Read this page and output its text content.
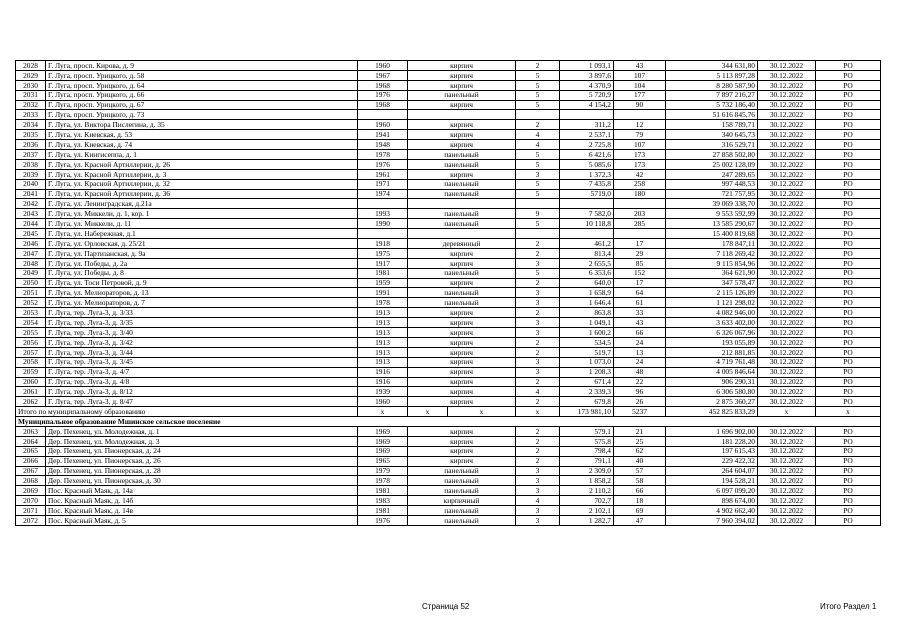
2028	Г. Луга, просп. Кирова, д. 9	1960	кирпич		2	1 093,1	43	344 631,80	30.12.2022	РО
2029	Г. Луга, просп. Урицкого, д. 58	1967	кирпич		5	3 897,6	107	5 113 897,28	30.12.2022	РО
2030	Г. Луга, просп. Урицкого, д. 64	1968	кирпич		5	4 370,9	104	8 280 587,90	30.12.2022	РО
2031	Г. Луга, просп. Урицкого, д. 66	1976	панельный		5	5 720,9	177	7 897 216,27	30.12.2022	РО
2032	Г. Луга, просп. Урицкого, д. 67	1968	кирпич		5	4 154,2	90	5 732 186,40	30.12.2022	РО
2033	Г. Луга, просп. Урицкого, д. 73							51 616 845,76	30.12.2022	РО
2034	Г. Луга, ул. Виктора Пислегина, д. 35	1960	кирпич		2	311,2	12	158 789,71	30.12.2022	РО
2035	Г. Луга, ул. Киевская, д. 53	1941	кирпич		4	2 537,1	79	340 645,73	30.12.2022	РО
2036	Г. Луга, ул. Киевская, д. 74	1948	кирпич		4	2 725,8	107	316 529,71	30.12.2022	РО
2037	Г. Луга, ул. Кингисеппа, д. 1	1978	панельный		5	6 421,6	173	27 858 502,80	30.12.2022	РО
2038	Г. Луга, ул. Красной Артиллерии, д. 26	1976	панельный		5	5 085,6	173	25 002 128,09	30.12.2022	РО
2039	Г. Луга, ул. Красной Артиллерии, д. 3	1961	кирпич		3	1 372,3	42	247 289,65	30.12.2022	РО
2040	Г. Луга, ул. Красной Артиллерии, д. 32	1971	панельный		5	7 435,8	258	997 448,53	30.12.2022	РО
2041	Г. Луга, ул. Красной Артиллерии, д. 36	1974	панельный		5	5719,0	180	721 757,95	30.12.2022	РО
2042	Г. Луга, ул. Ленинградская, д.21а							39 069 338,70	30.12.2022	РО
2043	Г. Луга, ул. Миккели, д. 1, кор. 1	1993	панельный		9	7 582,0	203	9 553 592,99	30.12.2022	РО
2044	Г. Луга, ул. Миккели, д. 11	1990	панельный		5	10 118,8	285	13 585 290,67	30.12.2022	РО
2045	Г. Луга, ул. Набережная, д.1							15 400 819,68	30.12.2022	РО
2046	Г. Луга, ул. Орловская, д. 25/21	1918	деревянный		2	461,2	17	178 847,11	30.12.2022	РО
2047	Г. Луга, ул. Партизанская, д. 9а	1975	кирпич		2	813,4	29	7 118 269,42	30.12.2022	РО
2048	Г. Луга, ул. Победы, д. 2а	1917	кирпич		3	2 655,5	85	9 115 854,96	30.12.2022	РО
2049	Г. Луга, ул. Победы, д. 8	1981	панельный		5	6 353,6	152	364 621,90	30.12.2022	РО
2050	Г. Луга, ул. Тоси Петровой, д. 9	1959	кирпич		2	640,0	17	347 578,47	30.12.2022	РО
2051	Г. Луга, ул. Мелиораторов, д. 13	1991	панельный		3	1 658,9	64	2 115 126,89	30.12.2022	РО
2052	Г. Луга, ул. Мелиораторов, д. 7	1978	панельный		3	1 646,4	61	1 121 298,02	30.12.2022	РО
2053	Г. Луга, тер. Луга-3, д. 3/33	1913	кирпич		2	863,8	33	4 082 946,00	30.12.2022	РО
2054	Г. Луга, тер. Луга-3, д. 3/35	1913	кирпич		3	1 049,1	43	3 633 402,00	30.12.2022	РО
2055	Г. Луга, тер. Луга-3, д. 3/40	1913	кирпич		3	1 600,2	66	6 326 067,96	30.12.2022	РО
2056	Г. Луга, тер. Луга-3, д. 3/42	1913	кирпич		2	534,5	24	193 055,89	30.12.2022	РО
2057	Г. Луга, тер. Луга-3, д. 3/44	1913	кирпич		2	519,7	13	212 881,85	30.12.2022	РО
2058	Г. Луга, тер. Луга-3, д. 3/45	1913	кирпич		3	1 073,0	24	4 719 761,48	30.12.2022	РО
2059	Г. Луга, тер. Луга-3, д. 4/7	1916	кирпич		3	1 208,3	48	4 005 846,64	30.12.2022	РО
2060	Г. Луга, тер. Луга-3, д. 4/8	1916	кирпич		2	671,4	22	906 290,31	30.12.2022	РО
2061	Г. Луга, тер. Луга-3, д. 8/12	1939	кирпич		4	2 339,3	96	6 306 580,80	30.12.2022	РО
2062	Г. Луга, тер. Луга-3, д. 8/47	1960	кирпич		2	679,8	26	2 875 360,27	30.12.2022	РО
Итого по муниципальному образованию		x	x	x	x	173 981,10	5237	452 825 833,29	x	x
Муниципальное образование Мшинское сельское поселение										
2063	Дер. Пехенец, ул. Молодежная, д. 1	1969	кирпич		2	579,1	21	1 696 902,00	30.12.2022	РО
2064	Дер. Пехенец, ул. Молодежная, д. 3	1969	кирпич		2	575,8	25	181 228,20	30.12.2022	РО
2065	Дер. Пехенец, ул. Пионерская, д. 24	1969	кирпич		2	798,4	62	197 615,43	30.12.2022	РО
2066	Дер. Пехенец, ул. Пионерская, д. 26	1965	кирпич		2	791,1	40	229 422,32	30.12.2022	РО
2067	Дер. Пехенец, ул. Пионерская, д. 28	1979	панельный		3	2 309,0	57	264 604,07	30.12.2022	РО
2068	Дер. Пехенец, ул. Пионерская, д. 30	1978	панельный		3	1 858,2	58	194 528,21	30.12.2022	РО
2069	Пос. Красный Маяк, д. 14а	1981	панельный		3	2 110,2	66	6 097 099,20	30.12.2022	РО
2070	Пос. Красный Маяк, д. 14б	1983	кирпичный		4	702,7	18	898 674,00	30.12.2022	РО
2071	Пос. Красный Маяк, д. 14в	1981	панельный		3	2 102,1	69	4 902 662,40	30.12.2022	РО
2072	Пос. Красный Маяк, д. 5	1976	панельный		3	1 282,7	47	7 960 394,02	30.12.2022	РО
Страница 52	Итого Раздел 1
